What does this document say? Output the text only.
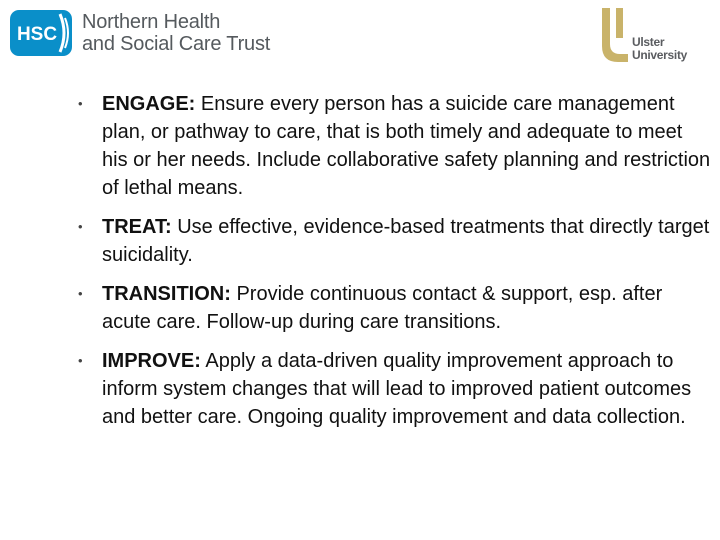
HSC
Northern Health
and Social Care Trust	Ulster
University
• ENGAGE: Ensure every person has a suicide care management plan, or pathway to care, that is both timely and adequate to meet his or her needs. Include collaborative safety planning and restriction of lethal means.
• TREAT: Use effective, evidence-based treatments that directly target suicidality.
• TRANSITION: Provide continuous contact & support, esp. after acute care. Follow-up during care transitions.
• IMPROVE: Apply a data-driven quality improvement approach to inform system changes that will lead to improved patient outcomes and better care. Ongoing quality improvement and data collection.
